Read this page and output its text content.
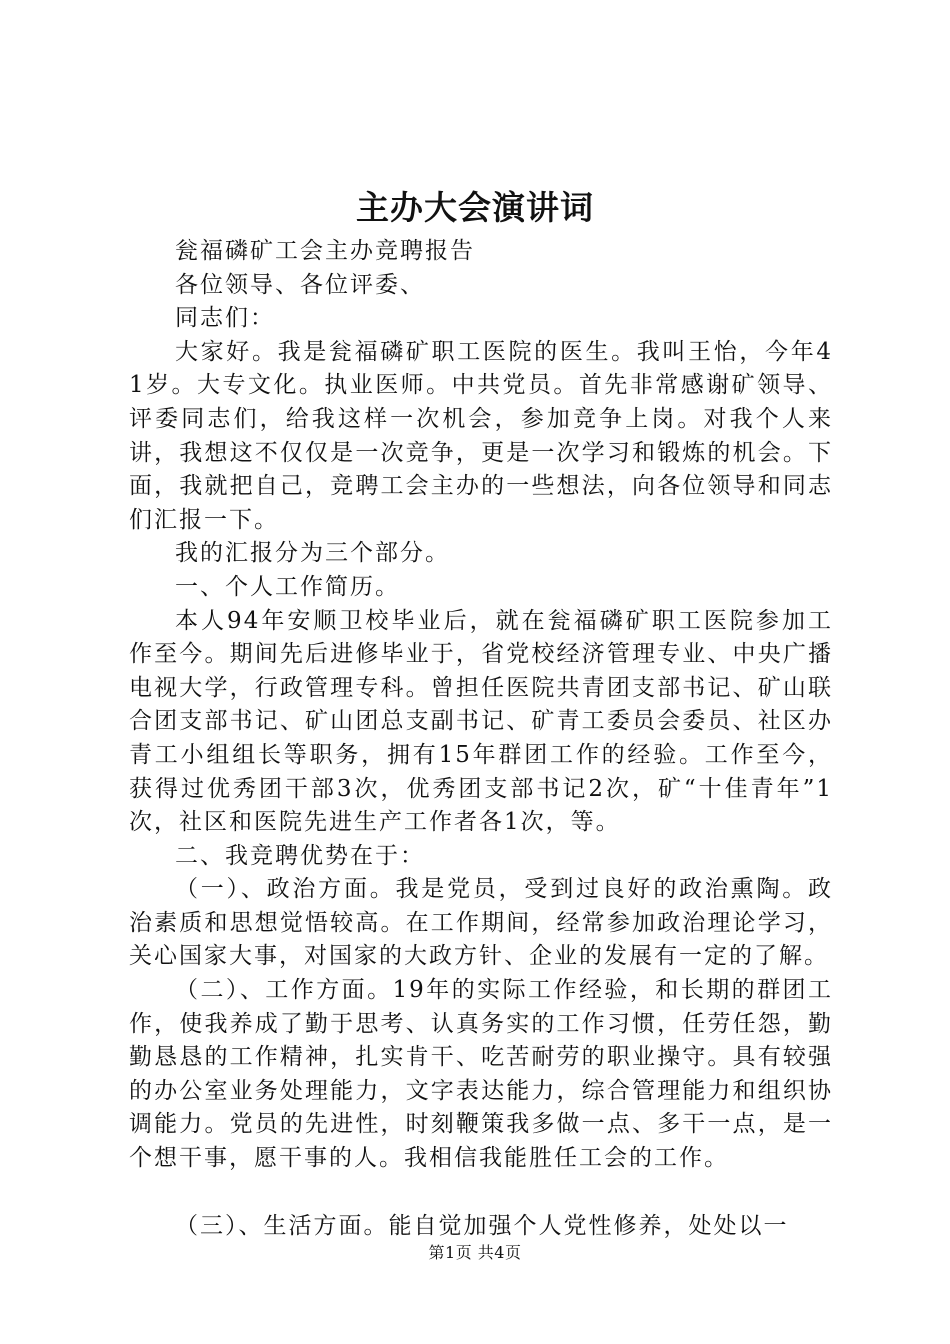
主办大会演讲词

瓮福磷矿工会主办竞聘报告

各位领导、各位评委、

同志们：

大家好。我是瓮福磷矿职工医院的医生。我叫王怡，今年41岁。大专文化。执业医师。中共党员。首先非常感谢矿领导、评委同志们，给我这样一次机会，参加竞争上岗。对我个人来讲，我想这不仅仅是一次竞争，更是一次学习和锻炼的机会。下面，我就把自己，竞聘工会主办的一些想法，向各位领导和同志们汇报一下。

我的汇报分为三个部分。

一、个人工作简历。

本人94年安顺卫校毕业后，就在瓮福磷矿职工医院参加工作至今。期间先后进修毕业于，省党校经济管理专业、中央广播电视大学，行政管理专科。曾担任医院共青团支部书记、矿山联合团支部书记、矿山团总支副书记、矿青工委员会委员、社区办青工小组组长等职务，拥有15年群团工作的经验。工作至今，获得过优秀团干部3次，优秀团支部书记2次，矿“十佳青年”1次，社区和医院先进生产工作者各1次，等。

二、我竞聘优势在于：

（一）、政治方面。我是党员，受到过良好的政治熏陶。政治素质和思想觉悟较高。在工作期间，经常参加政治理论学习，关心国家大事，对国家的大政方针、企业的发展有一定的了解。

（二）、工作方面。19年的实际工作经验，和长期的群团工作，使我养成了勤于思考、认真务实的工作习惯，任劳任怨，勤勤恳恳的工作精神，扎实肯干、吃苦耐劳的职业操守。具有较强的办公室业务处理能力，文字表达能力，综合管理能力和组织协调能力。党员的先进性，时刻鞭策我多做一点、多干一点，是一个想干事，愿干事的人。我相信我能胜任工会的工作。

（三）、生活方面。能自觉加强个人党性修养，处处以一

第1页 共4页
